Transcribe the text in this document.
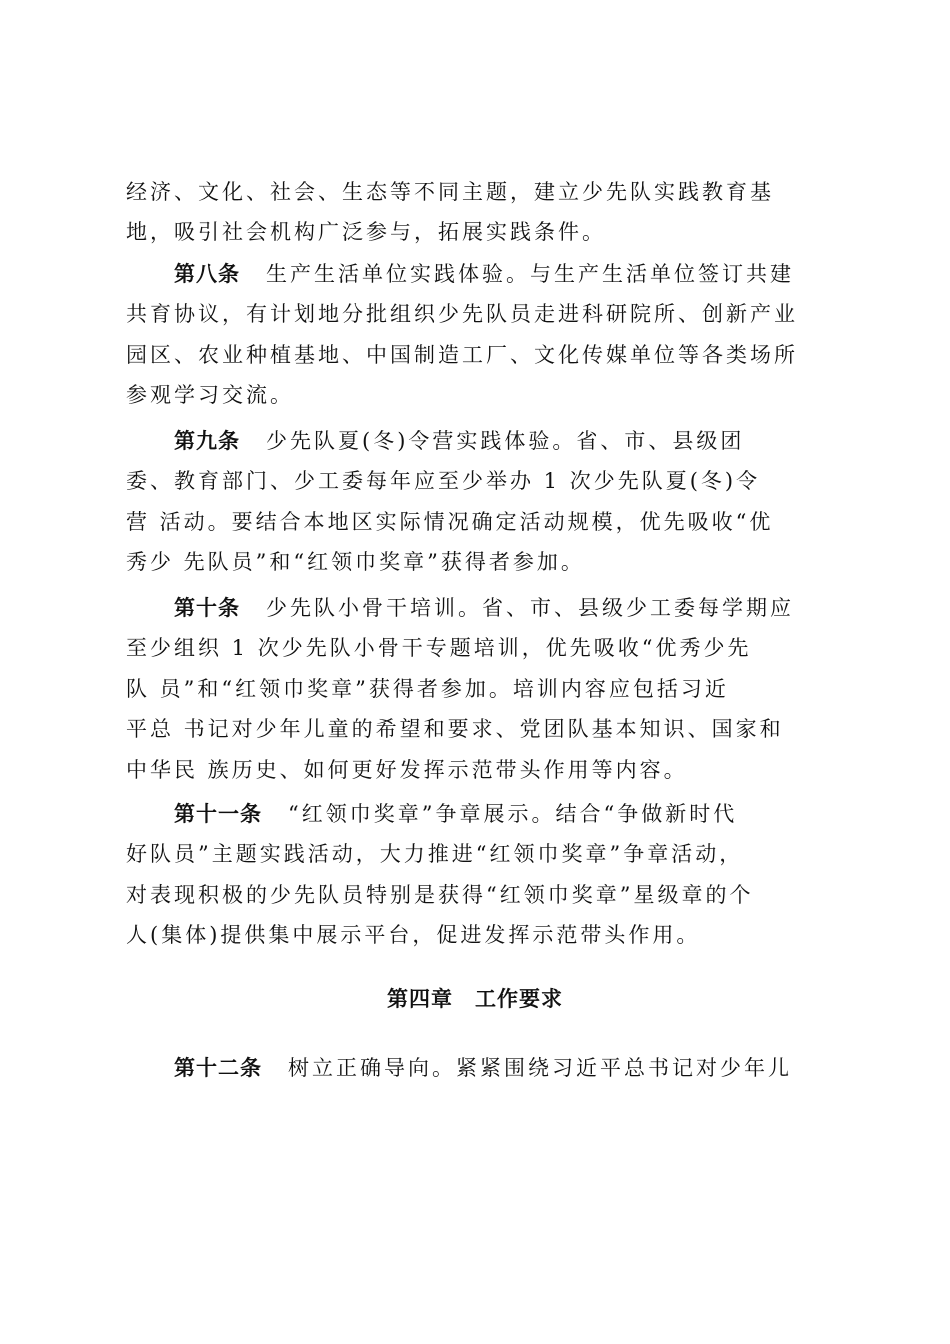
经济、文化、社会、生态等不同主题，建立少先队实践教育基
地，吸引社会机构广泛参与，拓展实践条件。
第八条 生产生活单位实践体验。与生产生活单位签订共建
共育协议，有计划地分批组织少先队员走进科研院所、创新产业
园区、农业种植基地、中国制造工厂、文化传媒单位等各类场所
参观学习交流。
第九条 少先队夏(冬)令营实践体验。省、市、县级团
委、教育部门、少工委每年应至少举办 1 次少先队夏(冬)令
营 活动。要结合本地区实际情况确定活动规模，优先吸收“优
秀少 先队员”和“红领巾奖章”获得者参加。
第十条 少先队小骨干培训。省、市、县级少工委每学期应
至少组织 1 次少先队小骨干专题培训，优先吸收“优秀少先
队 员”和“红领巾奖章”获得者参加。培训内容应包括习近
平总 书记对少年儿童的希望和要求、党团队基本知识、国家和
中华民 族历史、如何更好发挥示范带头作用等内容。
第十一条 “红领巾奖章”争章展示。结合“争做新时代
好队员”主题实践活动，大力推进“红领巾奖章”争章活动，
对表现积极的少先队员特别是获得“红领巾奖章”星级章的个
人(集体)提供集中展示平台，促进发挥示范带头作用。
第四章　工作要求
第十二条 树立正确导向。紧紧围绕习近平总书记对少年儿
